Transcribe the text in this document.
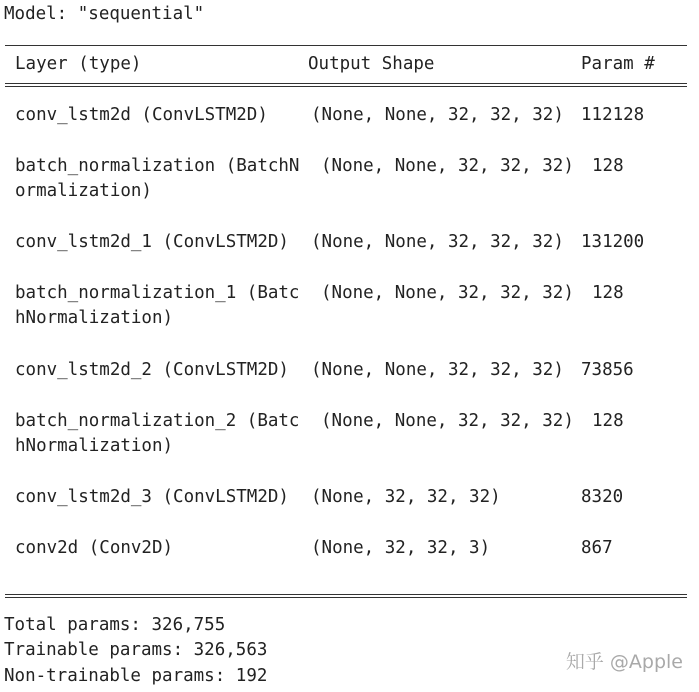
Model: "sequential"
Layer (type)	Output Shape	Param #
conv_lstm2d (ConvLSTM2D) (None, None, 32, 32, 32) 112128
batch_normalization (BatchN
ormalization)
(None, None, 32, 32, 32) 128
conv_lstm2d_1 (ConvLSTM2D) (None, None, 32, 32, 32) 131200
batch_normalization_1 (Batc
hNormalization)
(None, None, 32, 32, 32) 128
conv_lstm2d_2 (ConvLSTM2D) (None, None, 32, 32, 32) 73856
batch_normalization_2 (Batc
hNormalization)
(None, None, 32, 32, 32) 128
conv_lstm2d_3 (ConvLSTM2D) (None, 32, 32, 32)	8320
conv2d (Conv2D)	(None, 32, 32, 3)	867
Total params: 326,755
Trainable params: 326,563
Non-trainable params: 192
知乎 @Apple
